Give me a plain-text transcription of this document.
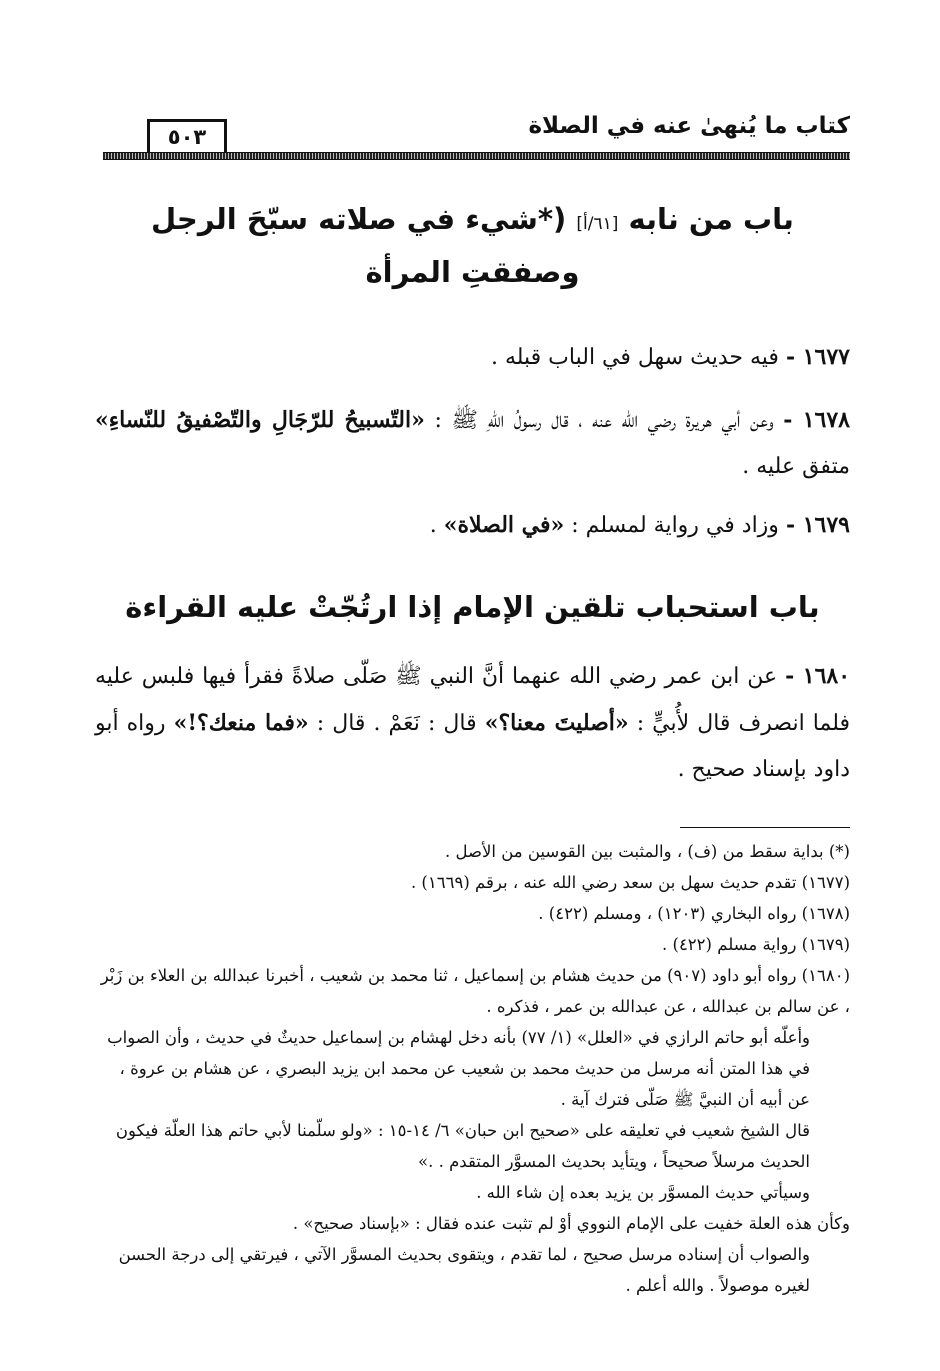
كتاب ما يُنهىٰ عنه في الصلاة
٥٠٣
باب من نابه [٦١/أ] (*شيء في صلاته سبّحَ الرجل
وصفقتِ المرأة

١٦٧٧ - فيه حديث سهل في الباب قبله .

١٦٧٨ - وعن أبي هريرة رضي الله عنه ، قال رسولُ اللهِ ﷺ : «التّسبيحُ للرّجَالِ والتّصْفيقُ للنّساءِ» متفق عليه .

١٦٧٩ - وزاد في رواية لمسلم : «في الصلاة» .

باب استحباب تلقين الإمام إذا ارتُجّتْ عليه القراءة

١٦٨٠ - عن ابن عمر رضي الله عنهما أنَّ النبي ﷺ صَلّى صلاةً فقرأ فيها فلبس عليه فلما انصرف قال لأُبيٍّ : «أصليتَ معنا؟» قال : نَعَمْ . قال : «فما منعك؟!» رواه أبو داود بإسناد صحيح .

(*) بداية سقط من (ف) ، والمثبت بين القوسين من الأصل .

(١٦٧٧) تقدم حديث سهل بن سعد رضي الله عنه ، برقم (١٦٦٩) .

(١٦٧٨) رواه البخاري (١٢٠٣) ، ومسلم (٤٢٢) .

(١٦٧٩) رواية مسلم (٤٢٢) .

(١٦٨٠) رواه أبو داود (٩٠٧) من حديث هشام بن إسماعيل ، ثنا محمد بن شعيب ، أخبرنا عبدالله بن العلاء بن زَبْر ، عن سالم بن عبدالله ، عن عبدالله بن عمر ، فذكره .

وأعلّه أبو حاتم الرازي في «العلل» (١/ ٧٧) بأنه دخل لهشام بن إسماعيل حديثٌ في حديث ، وأن الصواب في هذا المتن أنه مرسل من حديث محمد بن شعيب عن محمد ابن يزيد البصري ، عن هشام بن عروة ، عن أبيه أن النبيَّ ﷺ صَلّى فترك آية .

قال الشيخ شعيب في تعليقه على «صحيح ابن حبان» ٦/ ١٤-١٥ : «ولو سلّمنا لأبي حاتم هذا العلّة فيكون الحديث مرسلاً صحيحاً ، ويتأيد بحديث المسوَّر المتقدم . .»

وسيأتي حديث المسوَّر بن يزيد بعده إن شاء الله .

وكأن هذه العلة خفيت على الإمام النووي أوْ لم تثبت عنده فقال : «بإسناد صحيح» .

والصواب أن إسناده مرسل صحيح ، لما تقدم ، ويتقوى بحديث المسوَّر الآتي ، فيرتقي إلى درجة الحسن لغيره موصولاً . والله أعلم .
